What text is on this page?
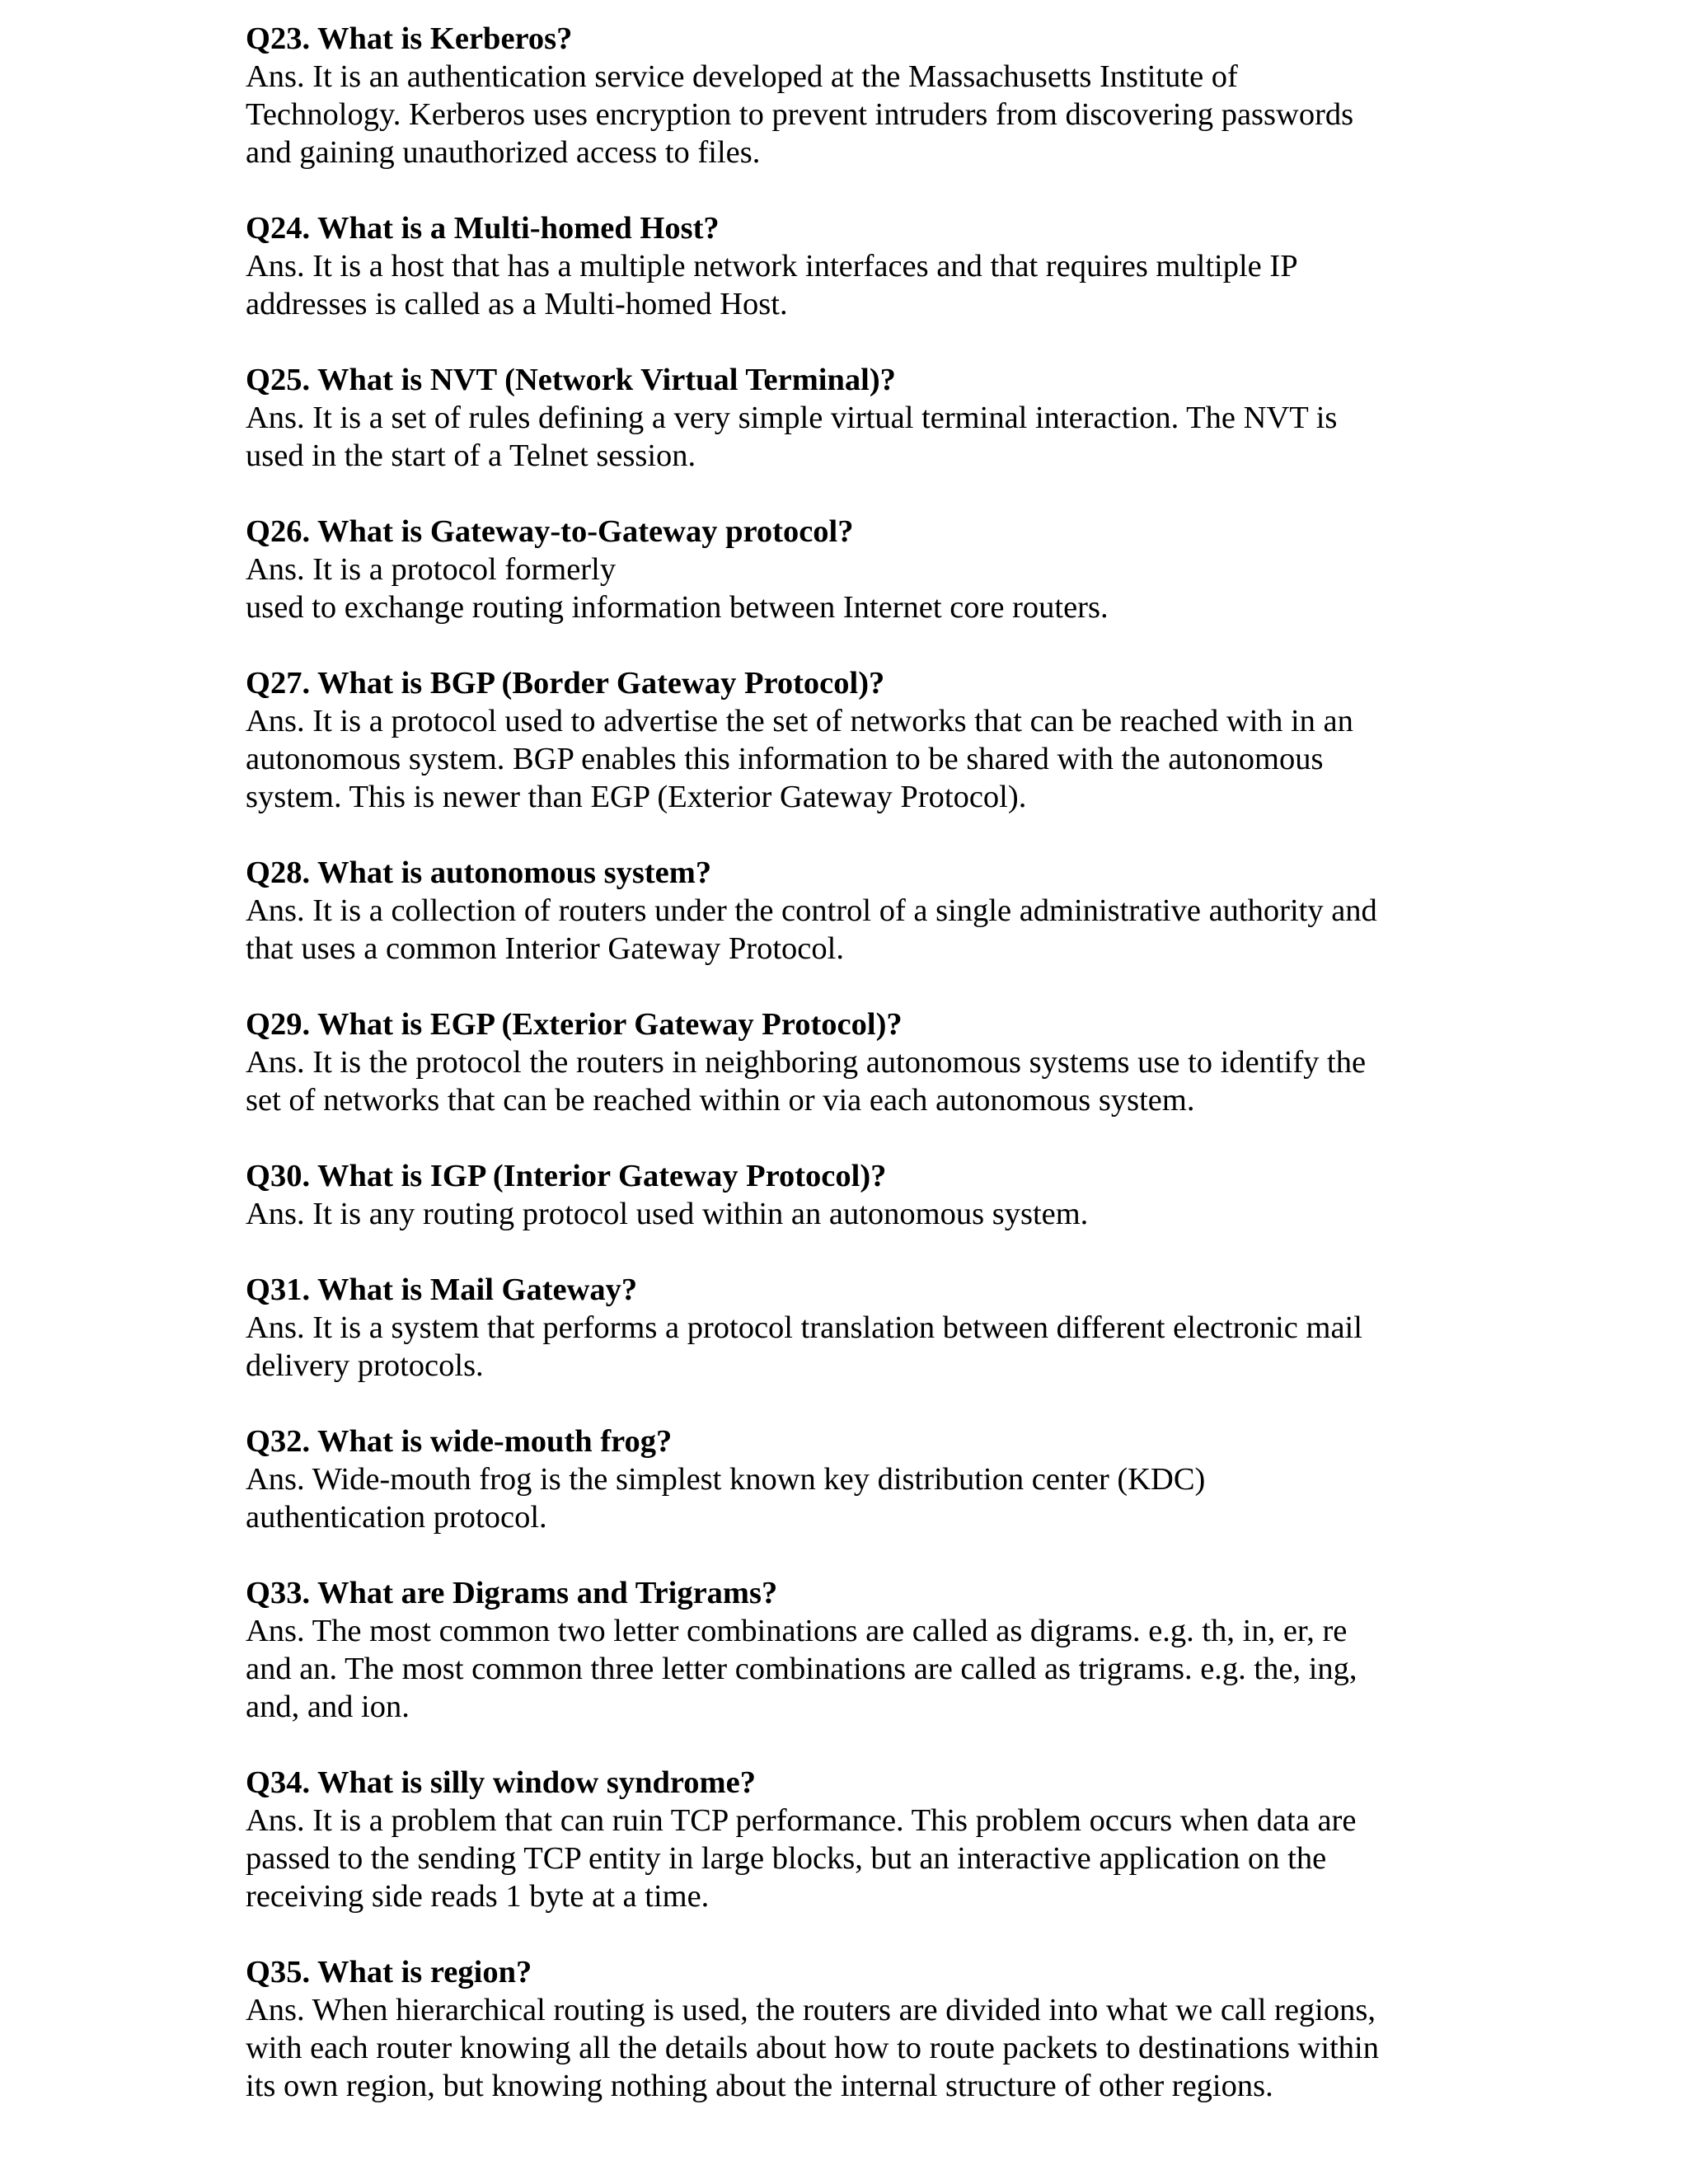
Q23. What is Kerberos?
Ans. It is an authentication service developed at the Massachusetts Institute of
Technology. Kerberos uses encryption to prevent intruders from discovering passwords
and gaining unauthorized access to files.
Q24. What is a Multi-homed Host?
Ans. It is a host that has a multiple network interfaces and that requires multiple IP
addresses is called as a Multi-homed Host.
Q25. What is NVT (Network Virtual Terminal)?
Ans. It is a set of rules defining a very simple virtual terminal interaction. The NVT is
used in the start of a Telnet session.
Q26. What is Gateway-to-Gateway protocol?
Ans. It is a protocol formerly
used to exchange routing information between Internet core routers.
Q27. What is BGP (Border Gateway Protocol)?
Ans. It is a protocol used to advertise the set of networks that can be reached with in an
autonomous system. BGP enables this information to be shared with the autonomous
system. This is newer than EGP (Exterior Gateway Protocol).
Q28. What is autonomous system?
Ans. It is a collection of routers under the control of a single administrative authority and
that uses a common Interior Gateway Protocol.
Q29. What is EGP (Exterior Gateway Protocol)?
Ans. It is the protocol the routers in neighboring autonomous systems use to identify the
set of networks that can be reached within or via each autonomous system.
Q30. What is IGP (Interior Gateway Protocol)?
Ans. It is any routing protocol used within an autonomous system.
Q31. What is Mail Gateway?
Ans. It is a system that performs a protocol translation between different electronic mail
delivery protocols.
Q32. What is wide-mouth frog?
Ans. Wide-mouth frog is the simplest known key distribution center (KDC)
authentication protocol.
Q33. What are Digrams and Trigrams?
Ans. The most common two letter combinations are called as digrams. e.g. th, in, er, re
and an. The most common three letter combinations are called as trigrams. e.g. the, ing,
and, and ion.
Q34. What is silly window syndrome?
Ans. It is a problem that can ruin TCP performance. This problem occurs when data are
passed to the sending TCP entity in large blocks, but an interactive application on the
receiving side reads 1 byte at a time.
Q35. What is region?
Ans. When hierarchical routing is used, the routers are divided into what we call regions,
with each router knowing all the details about how to route packets to destinations within
its own region, but knowing nothing about the internal structure of other regions.
